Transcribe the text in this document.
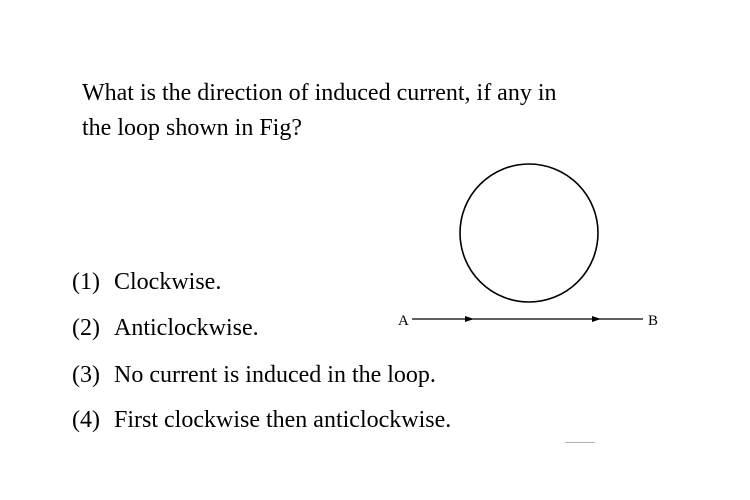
What is the direction of induced current, if any in
the loop shown in Fig?
(1) Clockwise.
(2) Anticlockwise.
(3) No current is induced in the loop.
(4) First clockwise then anticlockwise.
A	B
